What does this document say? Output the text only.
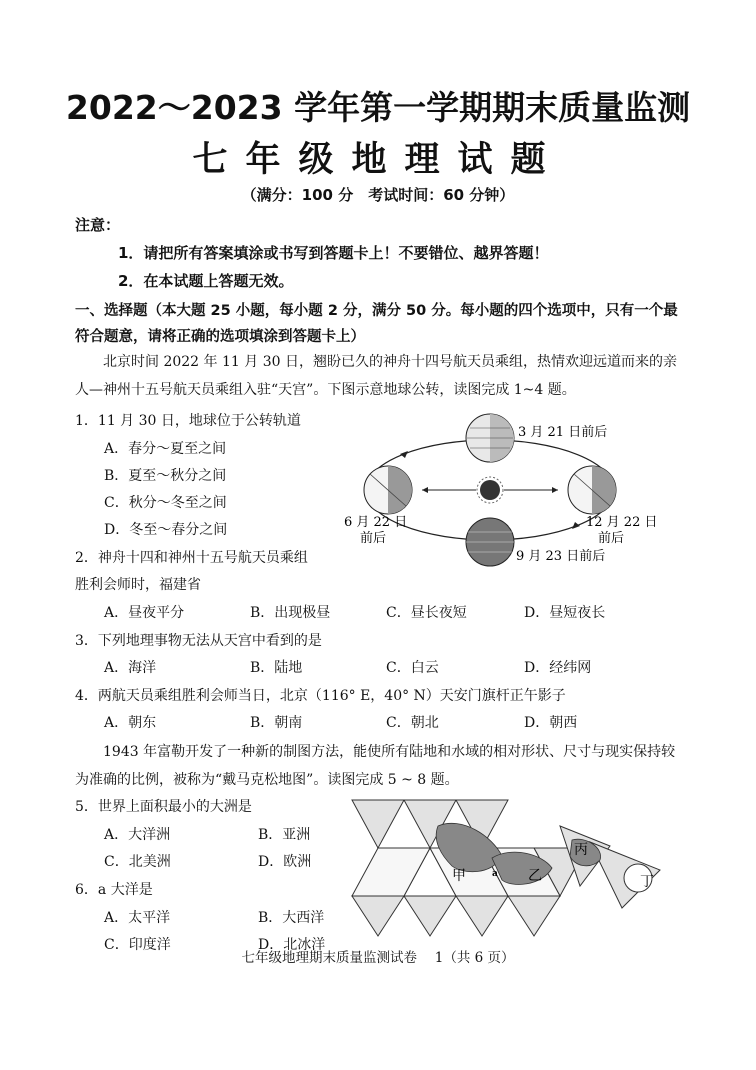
2022～2023 学年第一学期期末质量监测
七年级地理试题
（满分：100 分　考试时间：60 分钟）
注意：
1．请把所有答案填涂或书写到答题卡上！不要错位、越界答题！
2．在本试题上答题无效。
一、选择题（本大题 25 小题，每小题 2 分，满分 50 分。每小题的四个选项中，只有一个最符合题意，请将正确的选项填涂到答题卡上）
北京时间 2022 年 11 月 30 日，翘盼已久的神舟十四号航天员乘组，热情欢迎远道而来的亲人—神州十五号航天员乘组入驻“天宫”。下图示意地球公转，读图完成 1~4 题。
1．11 月 30 日，地球位于公转轨道
A．春分～夏至之间
B．夏至～秋分之间
C．秋分～冬至之间
D．冬至～春分之间
2．神舟十四和神州十五号航天员乘组
胜利会师时，福建省
A．昼夜平分	B．出现极昼	C．昼长夜短	D．昼短夜长
3．下列地理事物无法从天宫中看到的是
A．海洋	B．陆地	C．白云	D．经纬网
4．两航天员乘组胜利会师当日，北京（116° E，40° N）天安门旗杆正午影子
A．朝东	B．朝南	C．朝北	D．朝西
1943 年富勒开发了一种新的制图方法，能使所有陆地和水域的相对形状、尺寸与现实保持较为准确的比例，被称为“戴马克松地图”。读图完成 5 ~ 8 题。
5．世界上面积最小的大洲是
A．大洋洲	B．亚洲
C．北美洲	D．欧洲
6．a 大洋是
A．太平洋	B．大西洋
C．印度洋	D．北冰洋
3 月 21 日前后
6 月 22 日
前后
12 月 22 日
前后
9 月 23 日前后
甲	a 乙
丙
丁
七年级地理期末质量监测试卷　 1（共 6 页）
